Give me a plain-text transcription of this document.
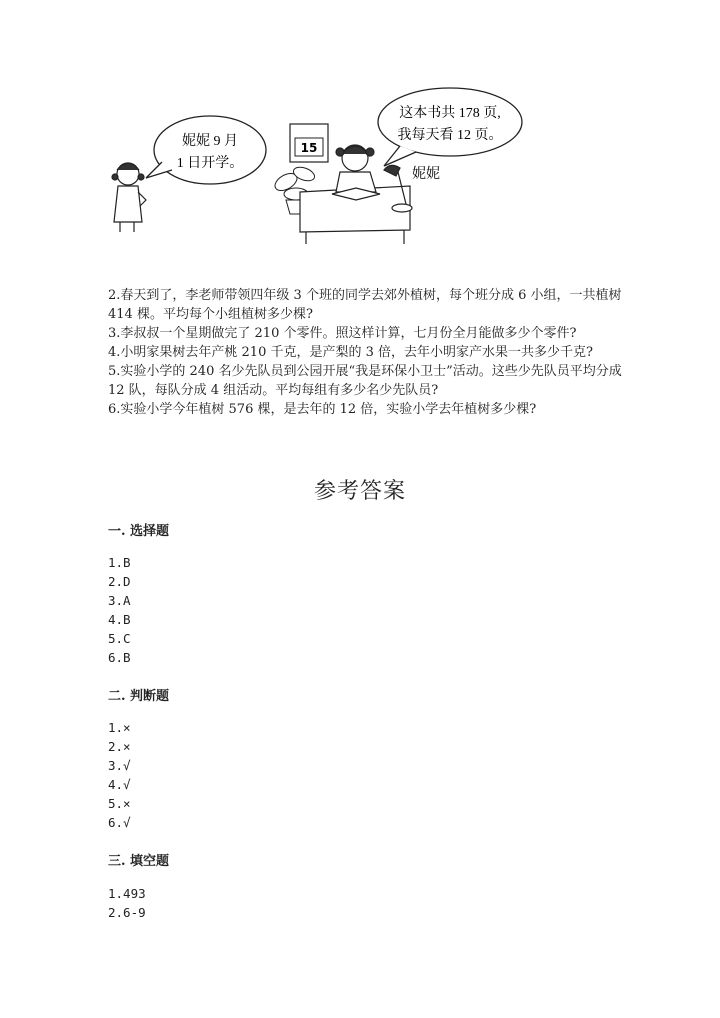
妮妮 9 月
1 日开学。
15
这本书共 178 页,
我每天看 12 页。
妮妮

2.春天到了，李老师带领四年级 3 个班的同学去郊外植树，每个班分成 6 小组，一共植树 414 棵。平均每个小组植树多少棵?

3.李叔叔一个星期做完了 210 个零件。照这样计算，七月份全月能做多少个零件?

4.小明家果树去年产桃 210 千克，是产梨的 3 倍，去年小明家产水果一共多少千克?

5.实验小学的 240 名少先队员到公园开展“我是环保小卫士”活动。这些少先队员平均分成 12 队，每队分成 4 组活动。平均每组有多少名少先队员?

6.实验小学今年植树 576 棵，是去年的 12 倍，实验小学去年植树多少棵?

参考答案
一. 选择题
1.B
2.D
3.A
4.B
5.C
6.B
二. 判断题
1.×
2.×
3.√
4.√
5.×
6.√
三. 填空题
1.493
2.6-9
